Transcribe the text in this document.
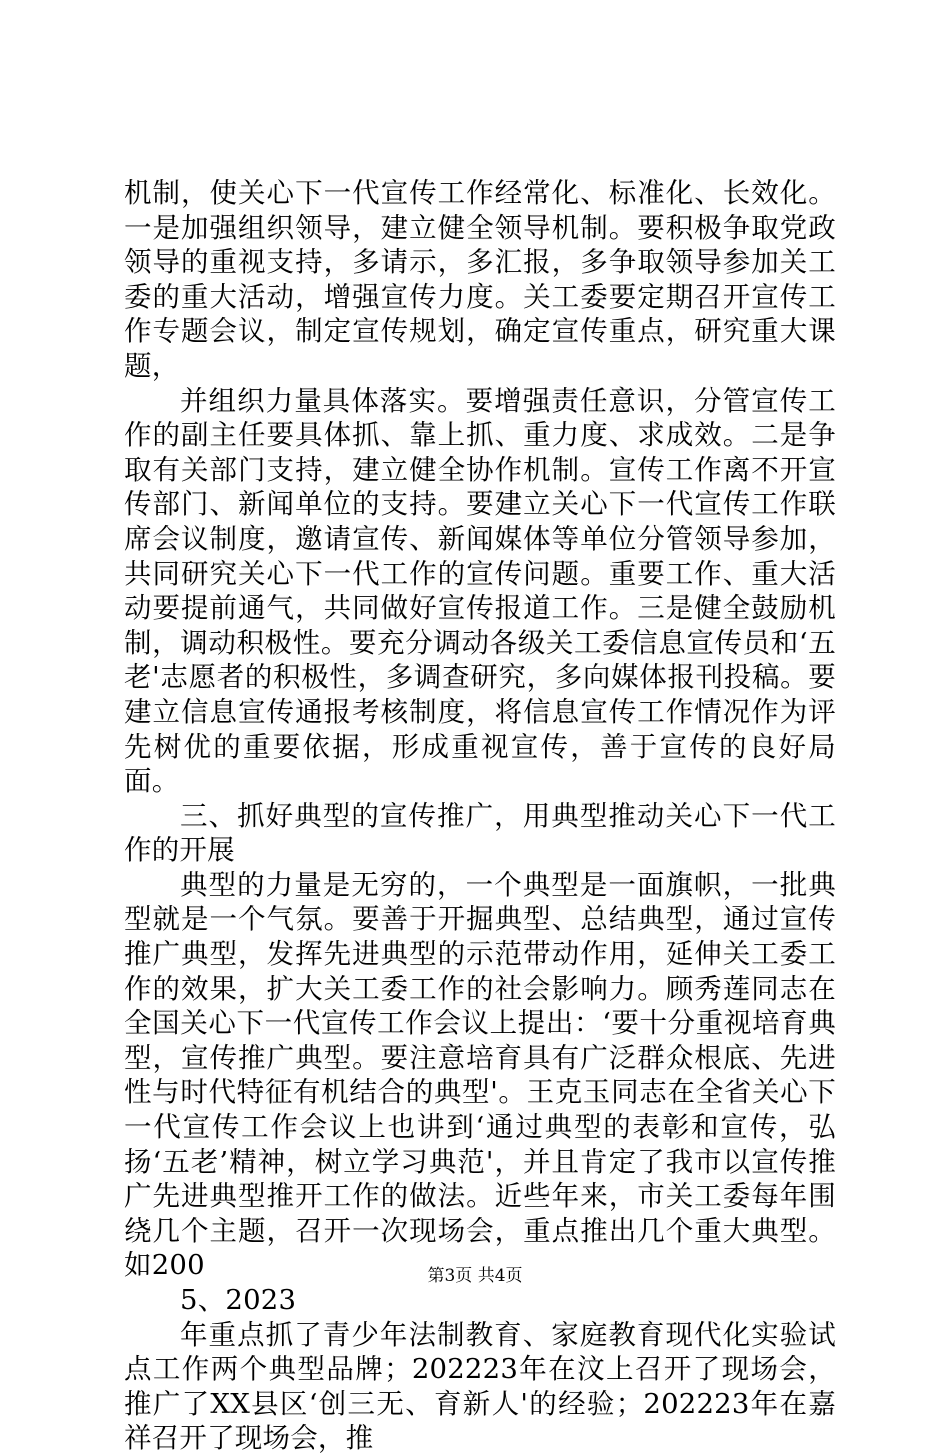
机制，使关心下一代宣传工作经常化、标准化、长效化。一是加强组织领导，建立健全领导机制。要积极争取党政领导的重视支持，多请示，多汇报，多争取领导参加关工委的重大活动，增强宣传力度。关工委要定期召开宣传工作专题会议，制定宣传规划，确定宣传重点，研究重大课题，

并组织力量具体落实。要增强责任意识，分管宣传工作的副主任要具体抓、靠上抓、重力度、求成效。二是争取有关部门支持，建立健全协作机制。宣传工作离不开宣传部门、新闻单位的支持。要建立关心下一代宣传工作联席会议制度，邀请宣传、新闻媒体等单位分管领导参加，共同研究关心下一代工作的宣传问题。重要工作、重大活动要提前通气，共同做好宣传报道工作。三是健全鼓励机制，调动积极性。要充分调动各级关工委信息宣传员和‘五老'志愿者的积极性，多调查研究，多向媒体报刊投稿。要建立信息宣传通报考核制度，将信息宣传工作情况作为评先树优的重要依据，形成重视宣传，善于宣传的良好局面。

三、抓好典型的宣传推广，用典型推动关心下一代工作的开展

典型的力量是无穷的，一个典型是一面旗帜，一批典型就是一个气氛。要善于开掘典型、总结典型，通过宣传推广典型，发挥先进典型的示范带动作用，延伸关工委工作的效果，扩大关工委工作的社会影响力。顾秀莲同志在全国关心下一代宣传工作会议上提出：‘要十分重视培育典型，宣传推广典型。要注意培育具有广泛群众根底、先进性与时代特征有机结合的典型'。王克玉同志在全省关心下一代宣传工作会议上也讲到‘通过典型的表彰和宣传，弘扬‘五老’精神，树立学习典范'，并且肯定了我市以宣传推广先进典型推开工作的做法。近些年来，市关工委每年围绕几个主题，召开一次现场会，重点推出几个重大典型。如200

5、2023

年重点抓了青少年法制教育、家庭教育现代化实验试点工作两个典型品牌；202223年在汶上召开了现场会，推广了XX县区‘创三无、育新人'的经验；202223年在嘉祥召开了现场会，推

第3页 共4页
